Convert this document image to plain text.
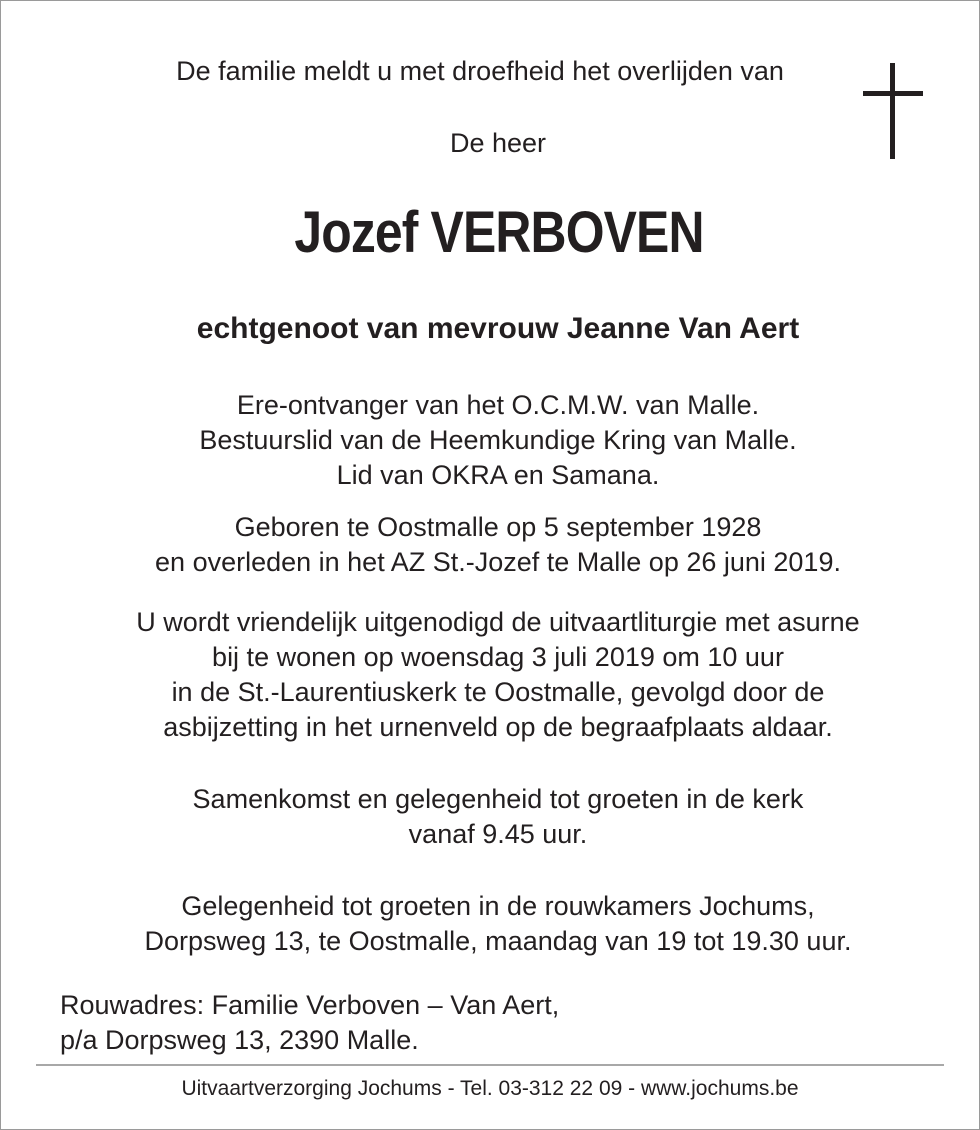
De familie meldt u met droefheid het overlijden van
De heer
Jozef VERBOVEN
echtgenoot van mevrouw Jeanne Van Aert
Ere-ontvanger van het O.C.M.W. van Malle.
Bestuurslid van de Heemkundige Kring van Malle.
Lid van OKRA en Samana.
Geboren te Oostmalle op 5 september 1928
en overleden in het AZ St.-Jozef te Malle op 26 juni 2019.
U wordt vriendelijk uitgenodigd de uitvaartliturgie met asurne
bij te wonen op woensdag 3 juli 2019 om 10 uur
in de St.-Laurentiuskerk te Oostmalle, gevolgd door de
asbijzetting in het urnenveld op de begraafplaats aldaar.
Samenkomst en gelegenheid tot groeten in de kerk
vanaf 9.45 uur.
Gelegenheid tot groeten in de rouwkamers Jochums,
Dorpsweg 13, te Oostmalle, maandag van 19 tot 19.30 uur.
Rouwadres: Familie Verboven – Van Aert,
p/a Dorpsweg 13, 2390 Malle.
Uitvaartverzorging Jochums - Tel. 03-312 22 09 - www.jochums.be
